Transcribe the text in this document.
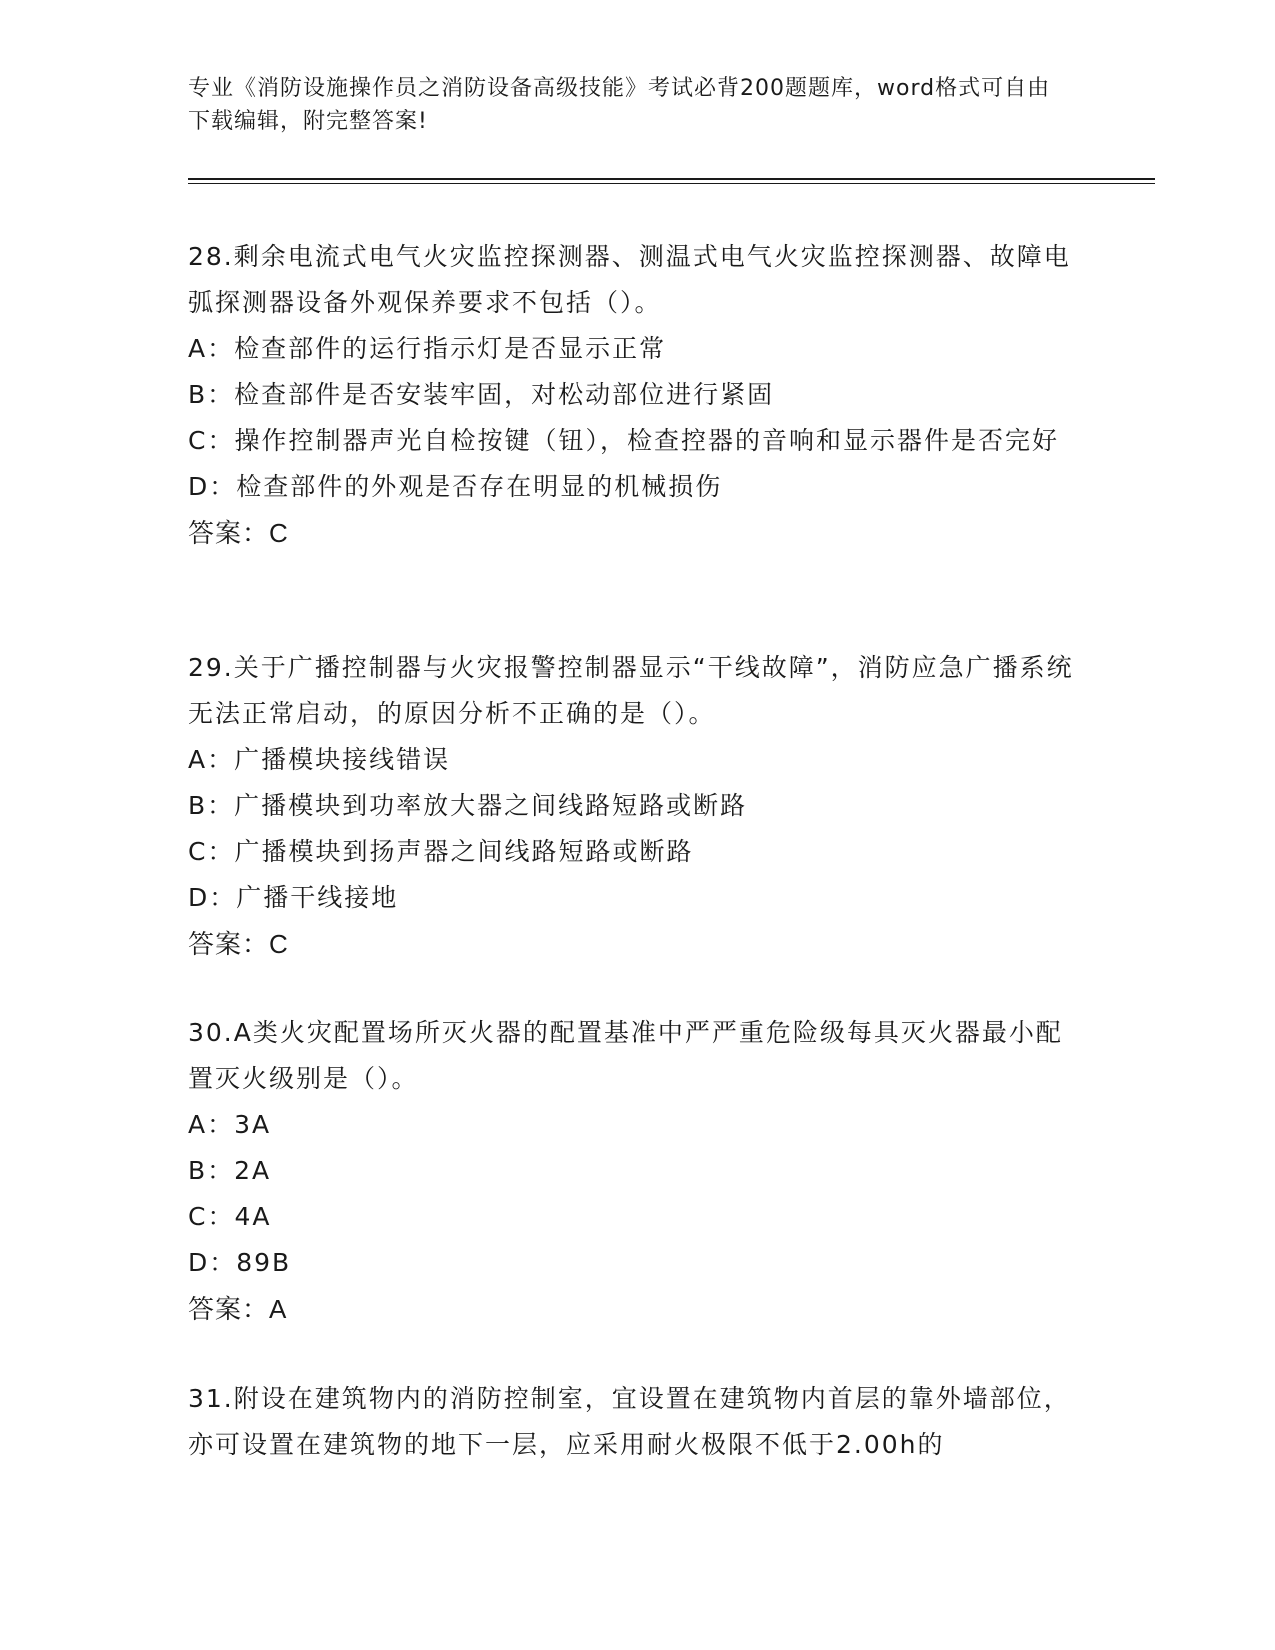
专业《消防设施操作员之消防设备高级技能》考试必背200题题库，word格式可自由下载编辑，附完整答案!
28.剩余电流式电气火灾监控探测器、测温式电气火灾监控探测器、故障电弧探测器设备外观保养要求不包括（）。
A：检查部件的运行指示灯是否显示正常
B：检查部件是否安装牢固，对松动部位进行紧固
C：操作控制器声光自检按键（钮），检查控器的音响和显示器件是否完好
D：检查部件的外观是否存在明显的机械损伤
答案：C
29.关于广播控制器与火灾报警控制器显示“干线故障”，消防应急广播系统无法正常启动，的原因分析不正确的是（）。
A：广播模块接线错误
B：广播模块到功率放大器之间线路短路或断路
C：广播模块到扬声器之间线路短路或断路
D：广播干线接地
答案：C
30.A类火灾配置场所灭火器的配置基准中严严重危险级每具灭火器最小配置灭火级别是（）。
A：3A
B：2A
C：4A
D：89B
答案：A
31.附设在建筑物内的消防控制室，宜设置在建筑物内首层的靠外墙部位，亦可设置在建筑物的地下一层，应采用耐火极限不低于2.00h的
